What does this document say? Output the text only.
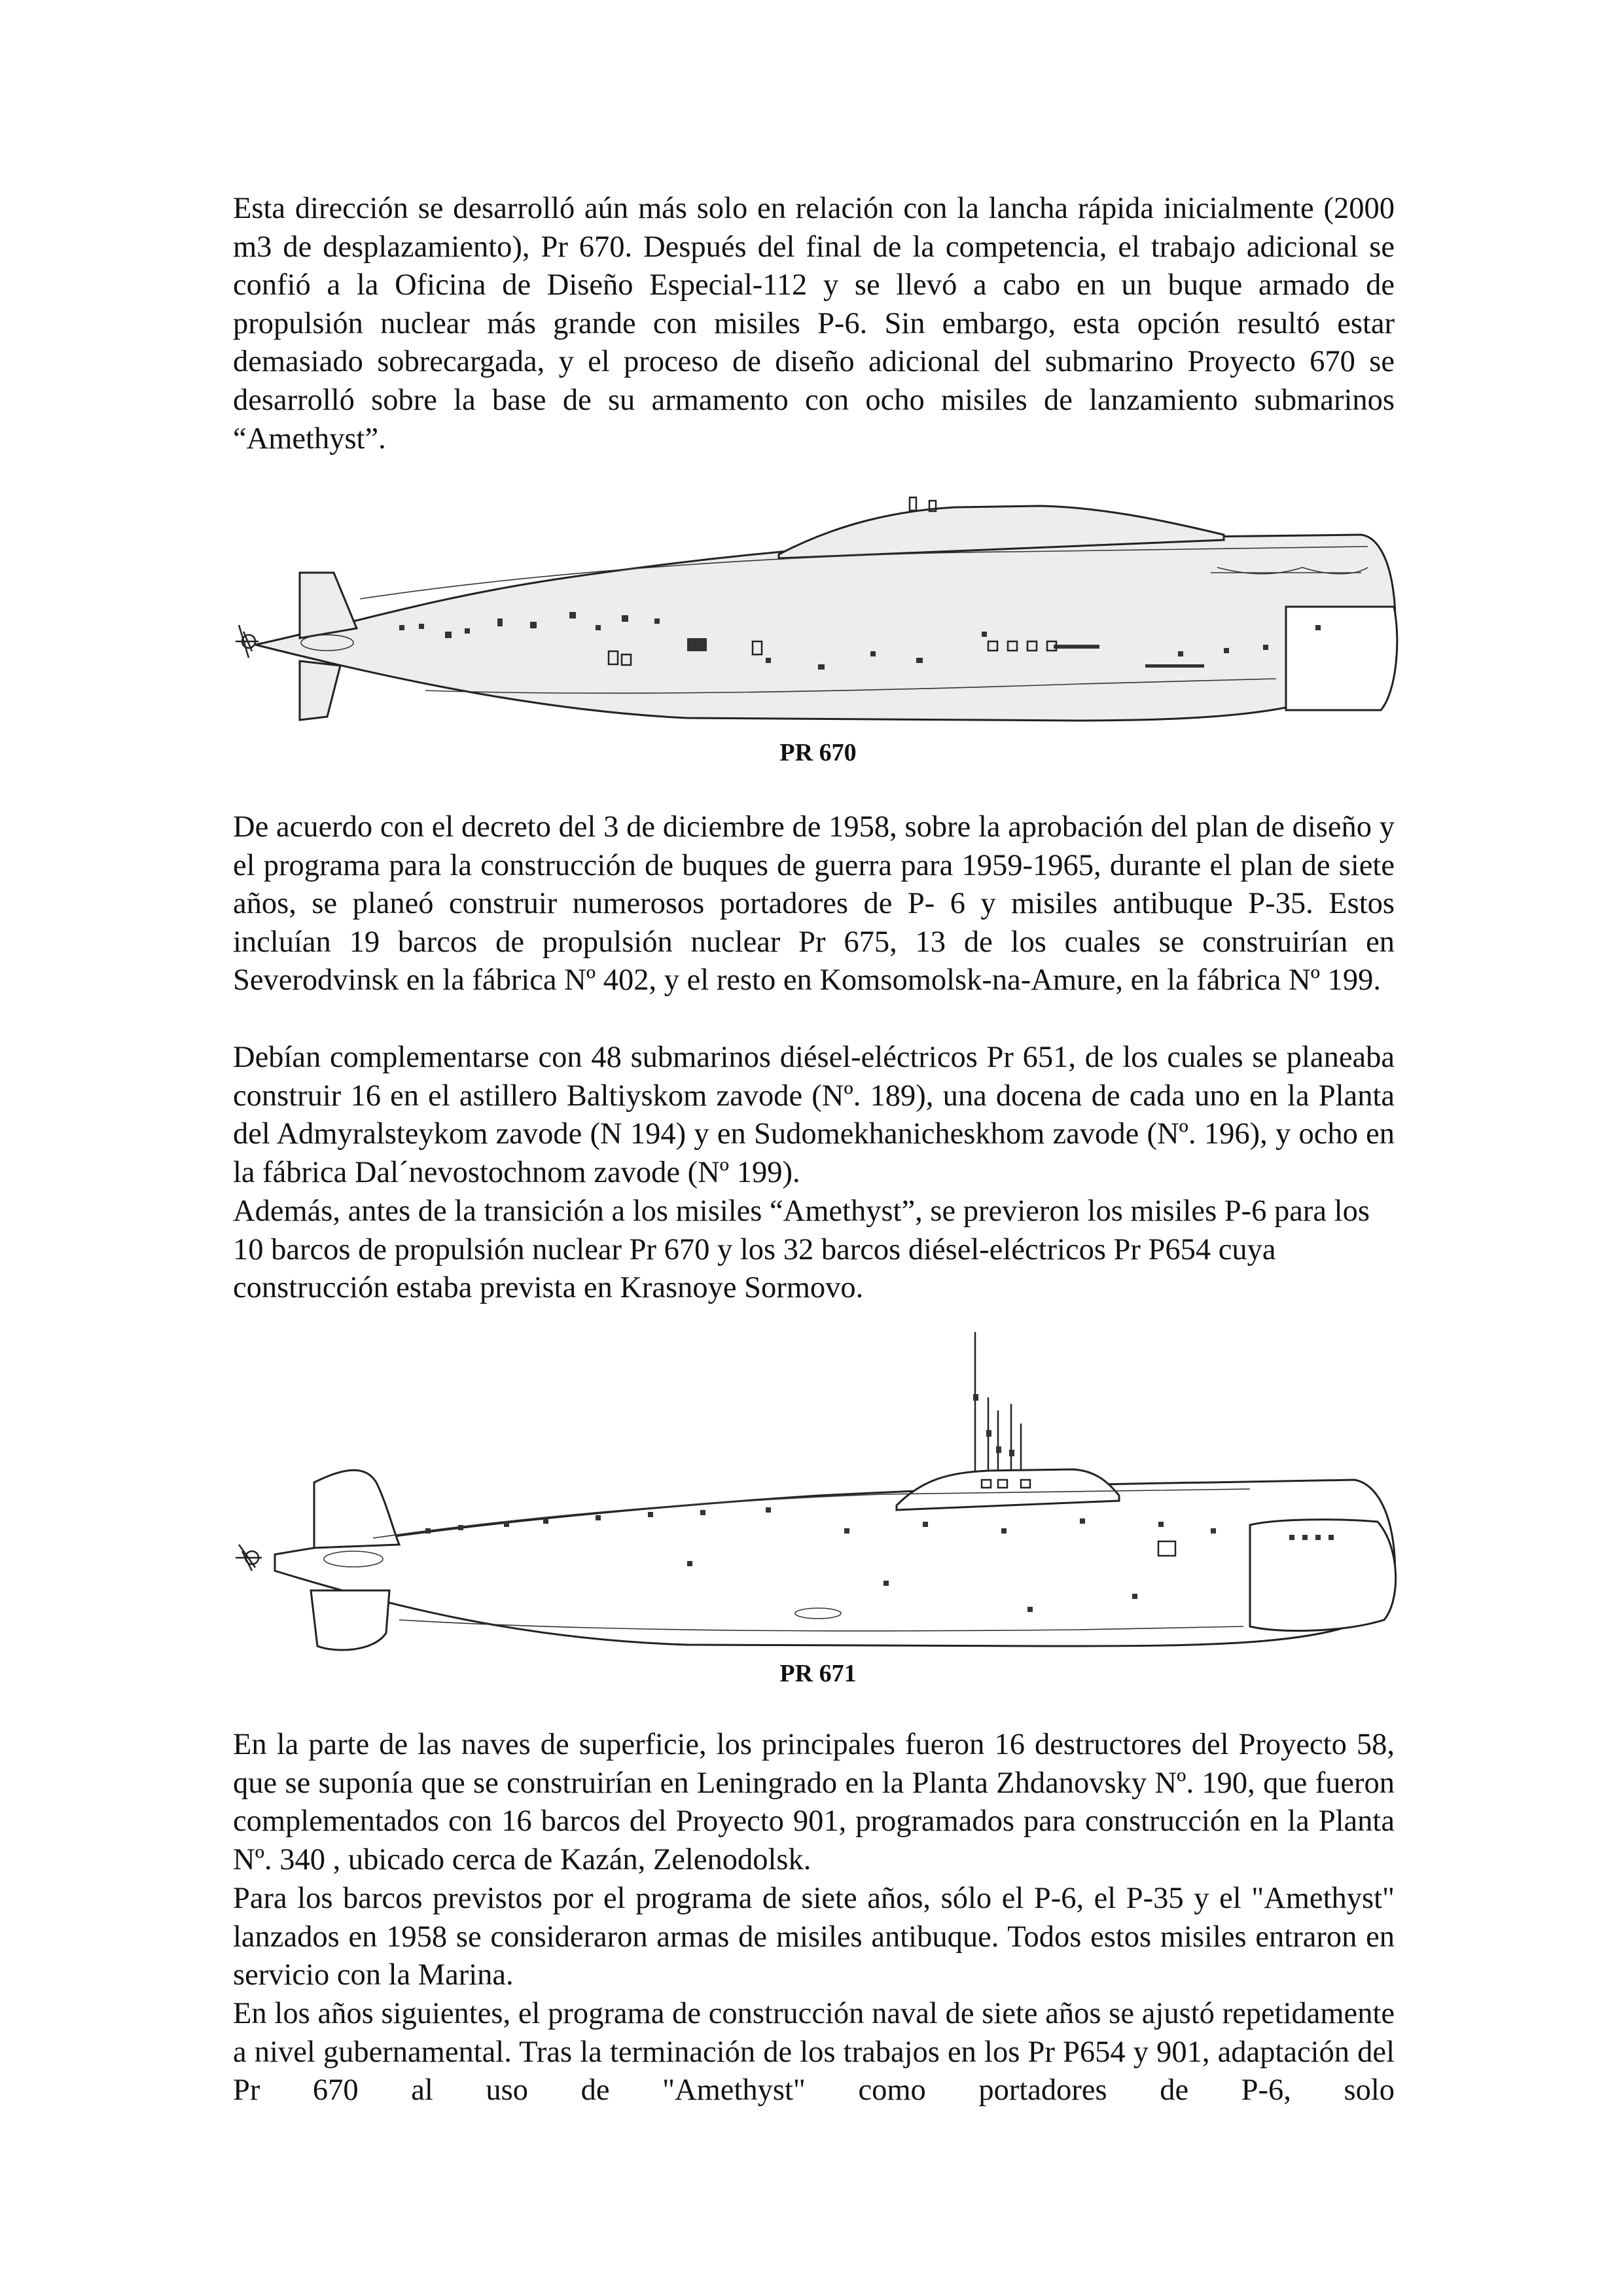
Esta dirección se desarrolló aún más solo en relación con la lancha rápida inicialmente (2000 m3 de desplazamiento), Pr 670. Después del final de la competencia, el trabajo adicional se confió a la Oficina de Diseño Especial-112 y se llevó a cabo en un buque armado de propulsión nuclear más grande con misiles P-6. Sin embargo, esta opción resultó estar demasiado sobrecargada, y el proceso de diseño adicional del submarino Proyecto 670 se desarrolló sobre la base de su armamento con ocho misiles de lanzamiento submarinos “Amethyst”.

PR 670

De acuerdo con el decreto del 3 de diciembre de 1958, sobre la aprobación del plan de diseño y el programa para la construcción de buques de guerra para 1959-1965, durante el plan de siete años, se planeó construir numerosos portadores de P- 6 y misiles antibuque P-35. Estos incluían 19 barcos de propulsión nuclear Pr 675, 13 de los cuales se construirían en Severodvinsk en la fábrica Nº 402, y el resto en Komsomolsk-na-Amure, en la fábrica Nº 199.

Debían complementarse con 48 submarinos diésel-eléctricos Pr 651, de los cuales se planeaba construir 16 en el astillero Baltiyskom zavode (Nº. 189), una docena de cada uno en la Planta del Admyralsteykom zavode (N 194) y en Sudomekhanicheskhom zavode (Nº. 196), y ocho en la fábrica Dal´nevostochnom zavode (Nº 199).

Además, antes de la transición a los misiles “Amethyst”, se previeron los misiles P-6 para los 10 barcos de propulsión nuclear Pr 670 y los 32 barcos diésel-eléctricos Pr P654 cuya construcción estaba prevista en Krasnoye Sormovo.

PR 671

En la parte de las naves de superficie, los principales fueron 16 destructores del Proyecto 58, que se suponía que se construirían en Leningrado en la Planta Zhdanovsky Nº. 190, que fueron complementados con 16 barcos del Proyecto 901, programados para construcción en la Planta Nº. 340 , ubicado cerca de Kazán, Zelenodolsk.

Para los barcos previstos por el programa de siete años, sólo el P-6, el P-35 y el "Amethyst" lanzados en 1958 se consideraron armas de misiles antibuque. Todos estos misiles entraron en servicio con la Marina.

En los años siguientes, el programa de construcción naval de siete años se ajustó repetidamente a nivel gubernamental. Tras la terminación de los trabajos en los Pr P654 y 901, adaptación del Pr 670 al uso de "Amethyst" como portadores de P-6, solo
